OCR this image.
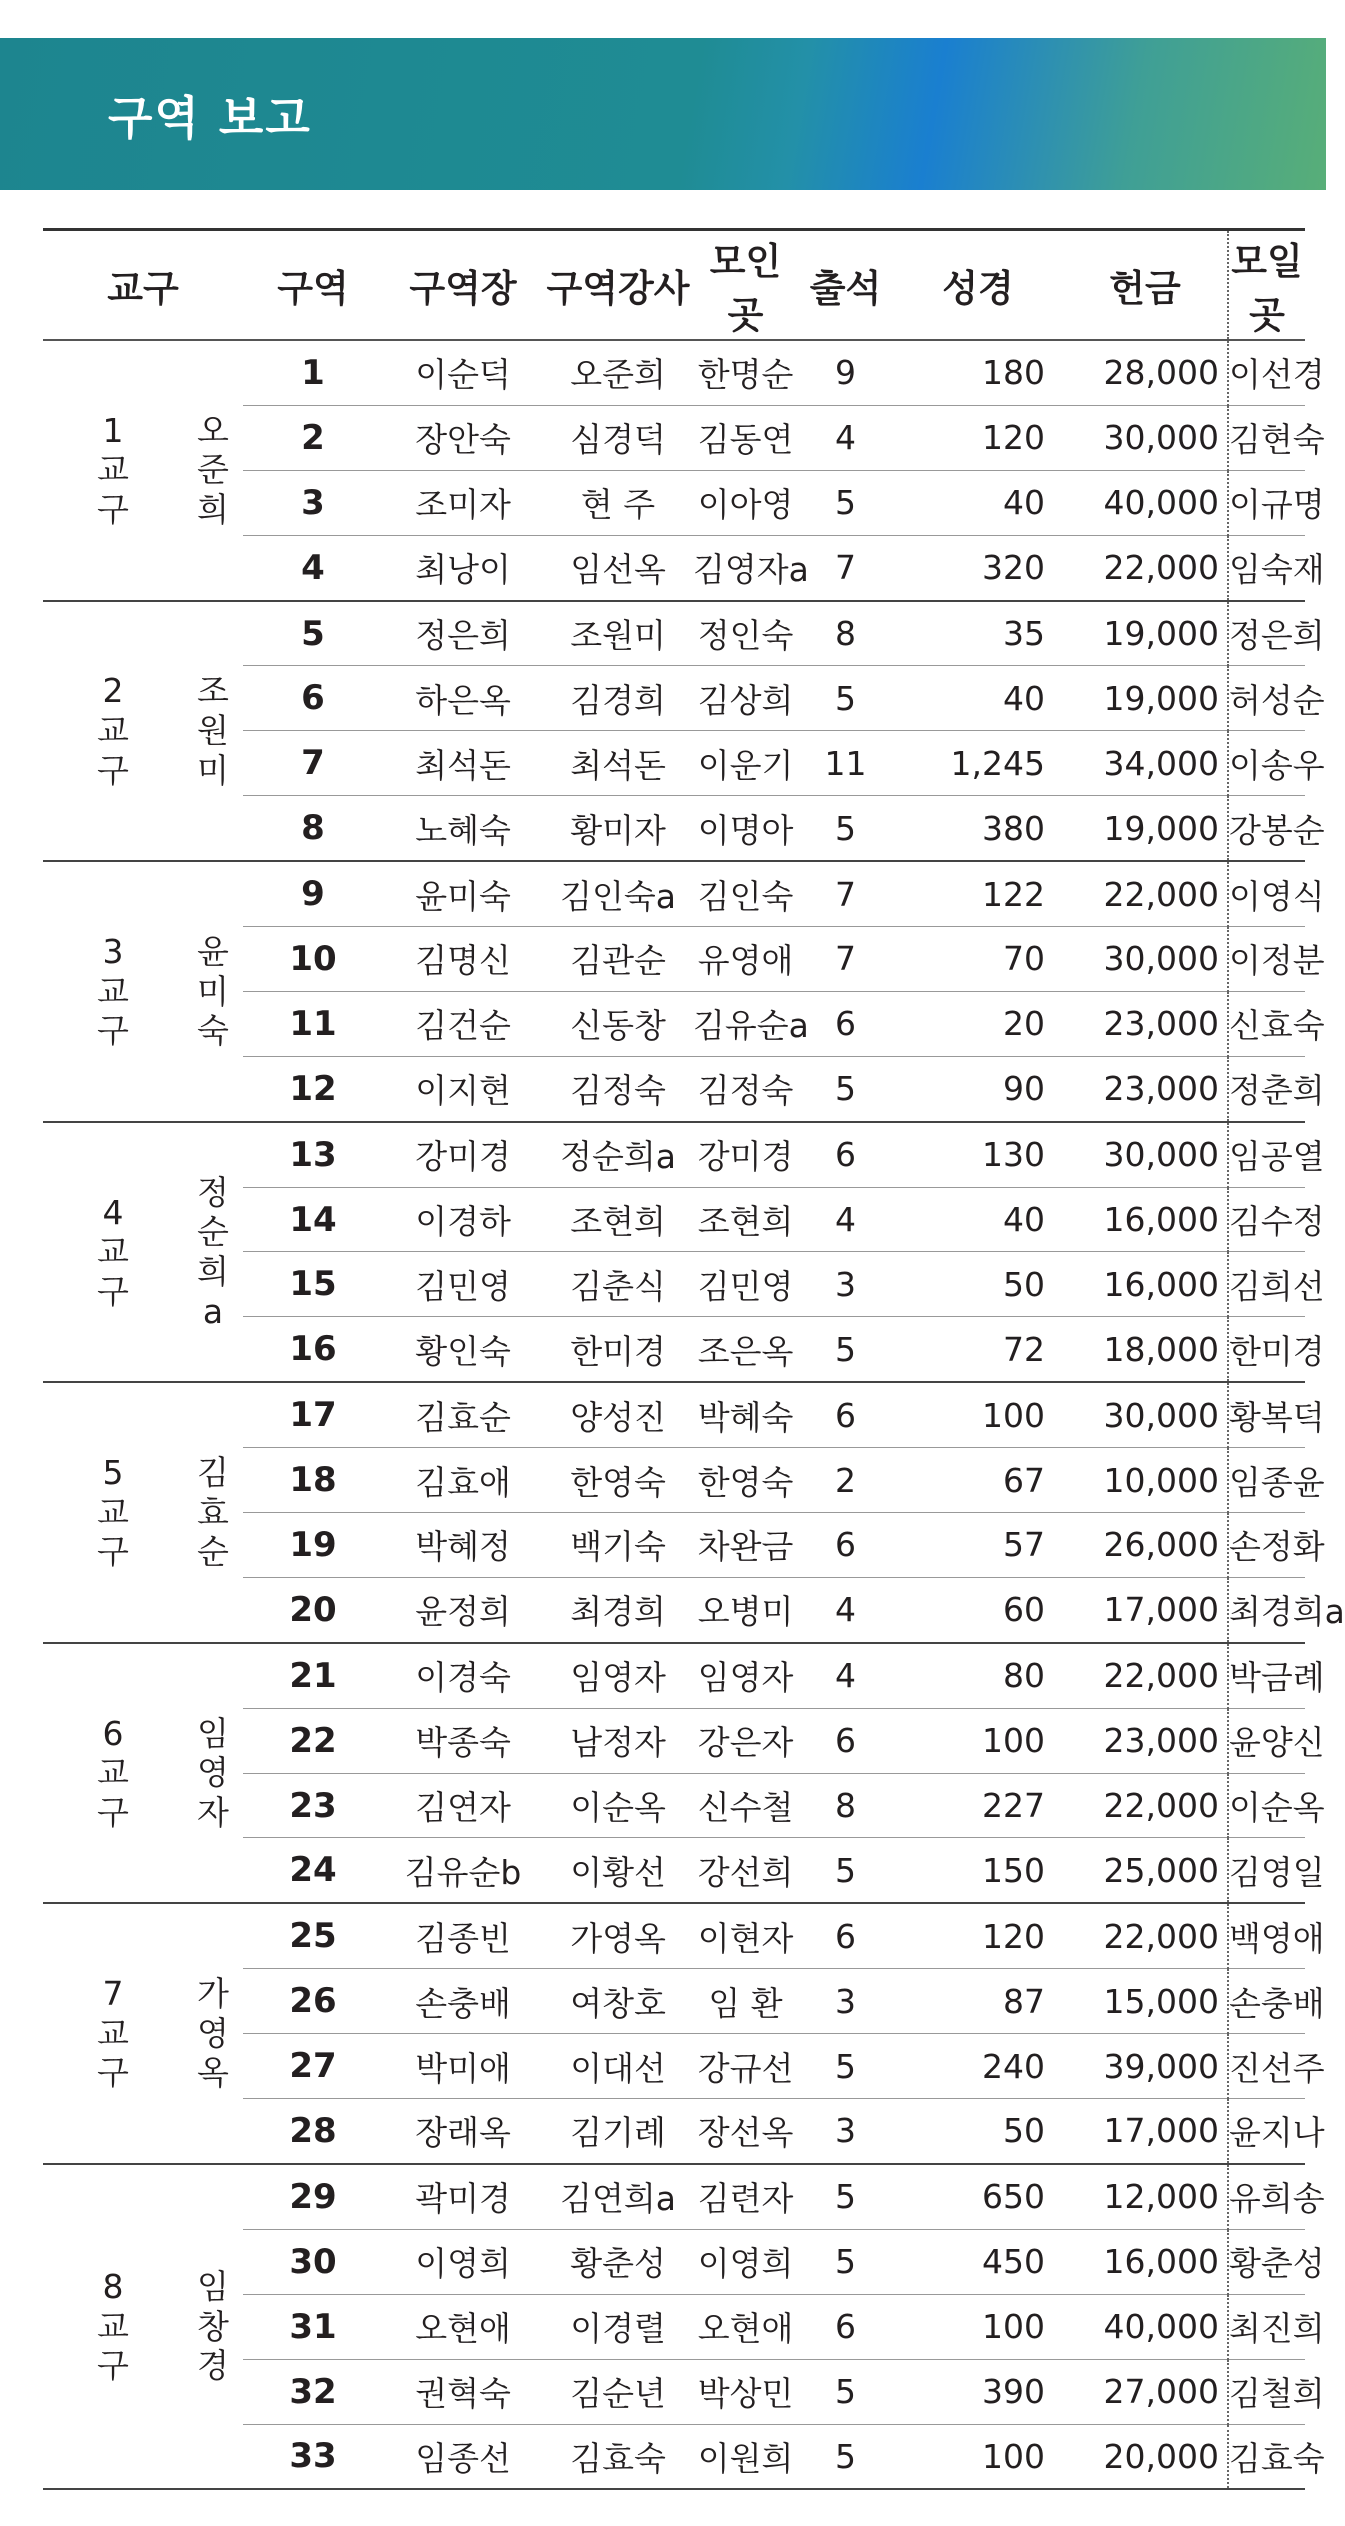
구역 보고
교구		구역	구역장	구역강사	모인곳	출석	성경	헌금	모일곳
1교구	오준희	1	이순덕	오준희	한명순	9	180	28,000	이선경
		2	장안숙	심경덕	김동연	4	120	30,000	김현숙
		3	조미자	현 주	이아영	5	40	40,000	이규명
		4	최낭이	임선옥	김영자a	7	320	22,000	임숙재
2교구	조원미	5	정은희	조원미	정인숙	8	35	19,000	정은희
		6	하은옥	김경희	김상희	5	40	19,000	허성순
		7	최석돈	최석돈	이운기	11	1,245	34,000	이송우
		8	노혜숙	황미자	이명아	5	380	19,000	강봉순
3교구	윤미숙	9	윤미숙	김인숙a	김인숙	7	122	22,000	이영식
		10	김명신	김관순	유영애	7	70	30,000	이정분
		11	김건순	신동창	김유순a	6	20	23,000	신효숙
		12	이지현	김정숙	김정숙	5	90	23,000	정춘희
4교구	정순희a	13	강미경	정순희a	강미경	6	130	30,000	임공열
		14	이경하	조현희	조현희	4	40	16,000	김수정
		15	김민영	김춘식	김민영	3	50	16,000	김희선
		16	황인숙	한미경	조은옥	5	72	18,000	한미경
5교구	김효순	17	김효순	양성진	박혜숙	6	100	30,000	황복덕
		18	김효애	한영숙	한영숙	2	67	10,000	임종윤
		19	박혜정	백기숙	차완금	6	57	26,000	손정화
		20	윤정희	최경희	오병미	4	60	17,000	최경희a
6교구	임영자	21	이경숙	임영자	임영자	4	80	22,000	박금례
		22	박종숙	남정자	강은자	6	100	23,000	윤양신
		23	김연자	이순옥	신수철	8	227	22,000	이순옥
		24	김유순b	이황선	강선희	5	150	25,000	김영일
7교구	가영옥	25	김종빈	가영옥	이현자	6	120	22,000	백영애
		26	손충배	여창호	임 환	3	87	15,000	손충배
		27	박미애	이대선	강규선	5	240	39,000	진선주
		28	장래옥	김기례	장선옥	3	50	17,000	윤지나
8교구	임창경	29	곽미경	김연희a	김련자	5	650	12,000	유희송
		30	이영희	황춘성	이영희	5	450	16,000	황춘성
		31	오현애	이경렬	오현애	6	100	40,000	최진희
		32	권혁숙	김순년	박상민	5	390	27,000	김철희
		33	임종선	김효숙	이원희	5	100	20,000	김효숙
